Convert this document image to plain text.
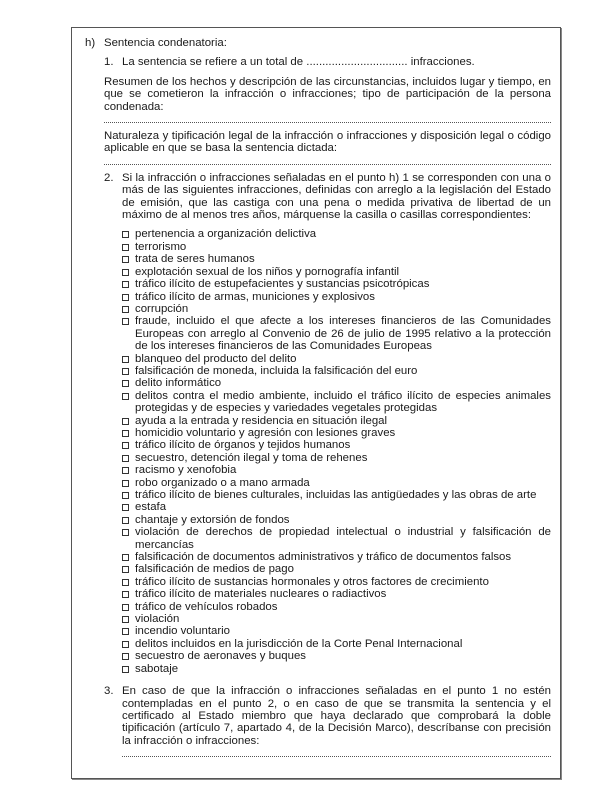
h) Sentencia condenatoria:
1. La sentencia se refiere a un total de ................................ infracciones.
Resumen de los hechos y descripción de las circunstancias, incluidos lugar y tiempo, en que se cometieron la infracción o infracciones; tipo de participación de la persona condenada:
Naturaleza y tipificación legal de la infracción o infracciones y disposición legal o código aplicable en que se basa la sentencia dictada:
2. Si la infracción o infracciones señaladas en el punto h) 1 se corresponden con una o más de las siguientes infracciones, definidas con arreglo a la legislación del Estado de emisión, que las castiga con una pena o medida privativa de libertad de un máximo de al menos tres años, márquense la casilla o casillas correspondientes:
pertenencia a organización delictiva
terrorismo
trata de seres humanos
explotación sexual de los niños y pornografía infantil
tráfico ilícito de estupefacientes y sustancias psicotrópicas
tráfico ilícito de armas, municiones y explosivos
corrupción
fraude, incluido el que afecte a los intereses financieros de las Comunidades Europeas con arreglo al Convenio de 26 de julio de 1995 relativo a la protección de los intereses financieros de las Comunidades Europeas
blanqueo del producto del delito
falsificación de moneda, incluida la falsificación del euro
delito informático
delitos contra el medio ambiente, incluido el tráfico ilícito de especies animales protegidas y de especies y variedades vegetales protegidas
ayuda a la entrada y residencia en situación ilegal
homicidio voluntario y agresión con lesiones graves
tráfico ilícito de órganos y tejidos humanos
secuestro, detención ilegal y toma de rehenes
racismo y xenofobia
robo organizado o a mano armada
tráfico ilícito de bienes culturales, incluidas las antigüedades y las obras de arte
estafa
chantaje y extorsión de fondos
violación de derechos de propiedad intelectual o industrial y falsificación de mercancías
falsificación de documentos administrativos y tráfico de documentos falsos
falsificación de medios de pago
tráfico ilícito de sustancias hormonales y otros factores de crecimiento
tráfico ilícito de materiales nucleares o radiactivos
tráfico de vehículos robados
violación
incendio voluntario
delitos incluidos en la jurisdicción de la Corte Penal Internacional
secuestro de aeronaves y buques
sabotaje
3. En caso de que la infracción o infracciones señaladas en el punto 1 no estén contempladas en el punto 2, o en caso de que se transmita la sentencia y el certificado al Estado miembro que haya declarado que comprobará la doble tipificación (artículo 7, apartado 4, de la Decisión Marco), descríbanse con precisión la infracción o infracciones:
